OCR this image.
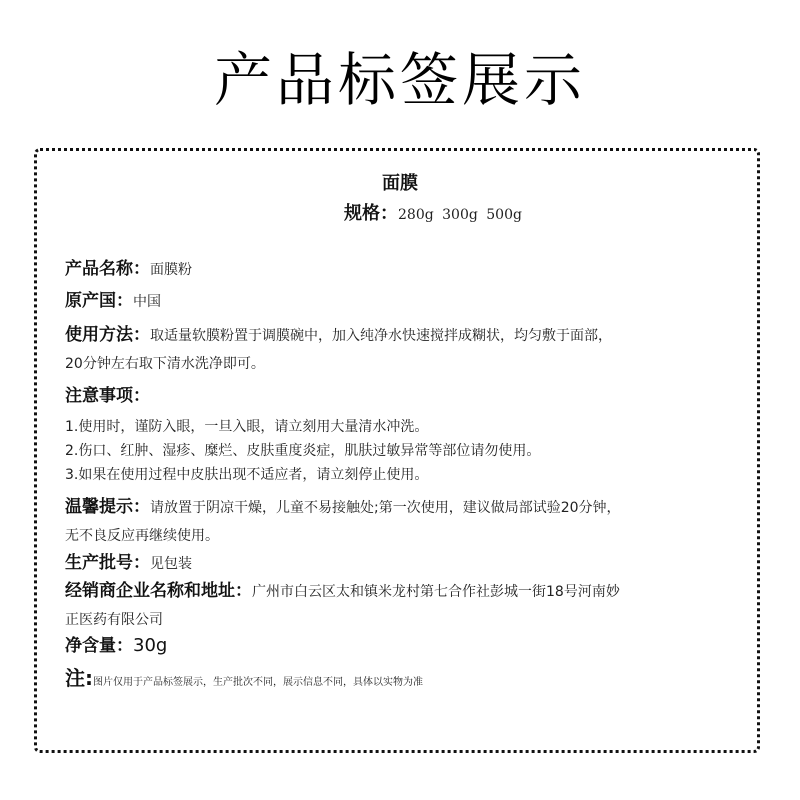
产品标签展示
面膜
规格：280g 300g 500g
产品名称：面膜粉
原产国：中国
使用方法：取适量软膜粉置于调膜碗中，加入纯净水快速搅拌成糊状，均匀敷于面部，
20分钟左右取下清水洗净即可。
注意事项：
1.使用时，谨防入眼，一旦入眼，请立刻用大量清水冲洗。
2.伤口、红肿、湿疹、糜烂、皮肤重度炎症，肌肤过敏异常等部位请勿使用。
3.如果在使用过程中皮肤出现不适应者，请立刻停止使用。
温馨提示：请放置于阴凉干燥，儿童不易接触处;第一次使用，建议做局部试验20分钟，
无不良反应再继续使用。
生产批号：见包装
经销商企业名称和地址：广州市白云区太和镇米龙村第七合作社彭城一街18号河南妙
正医药有限公司
净含量：30g
注:图片仅用于产品标签展示，生产批次不同，展示信息不同，具体以实物为准
